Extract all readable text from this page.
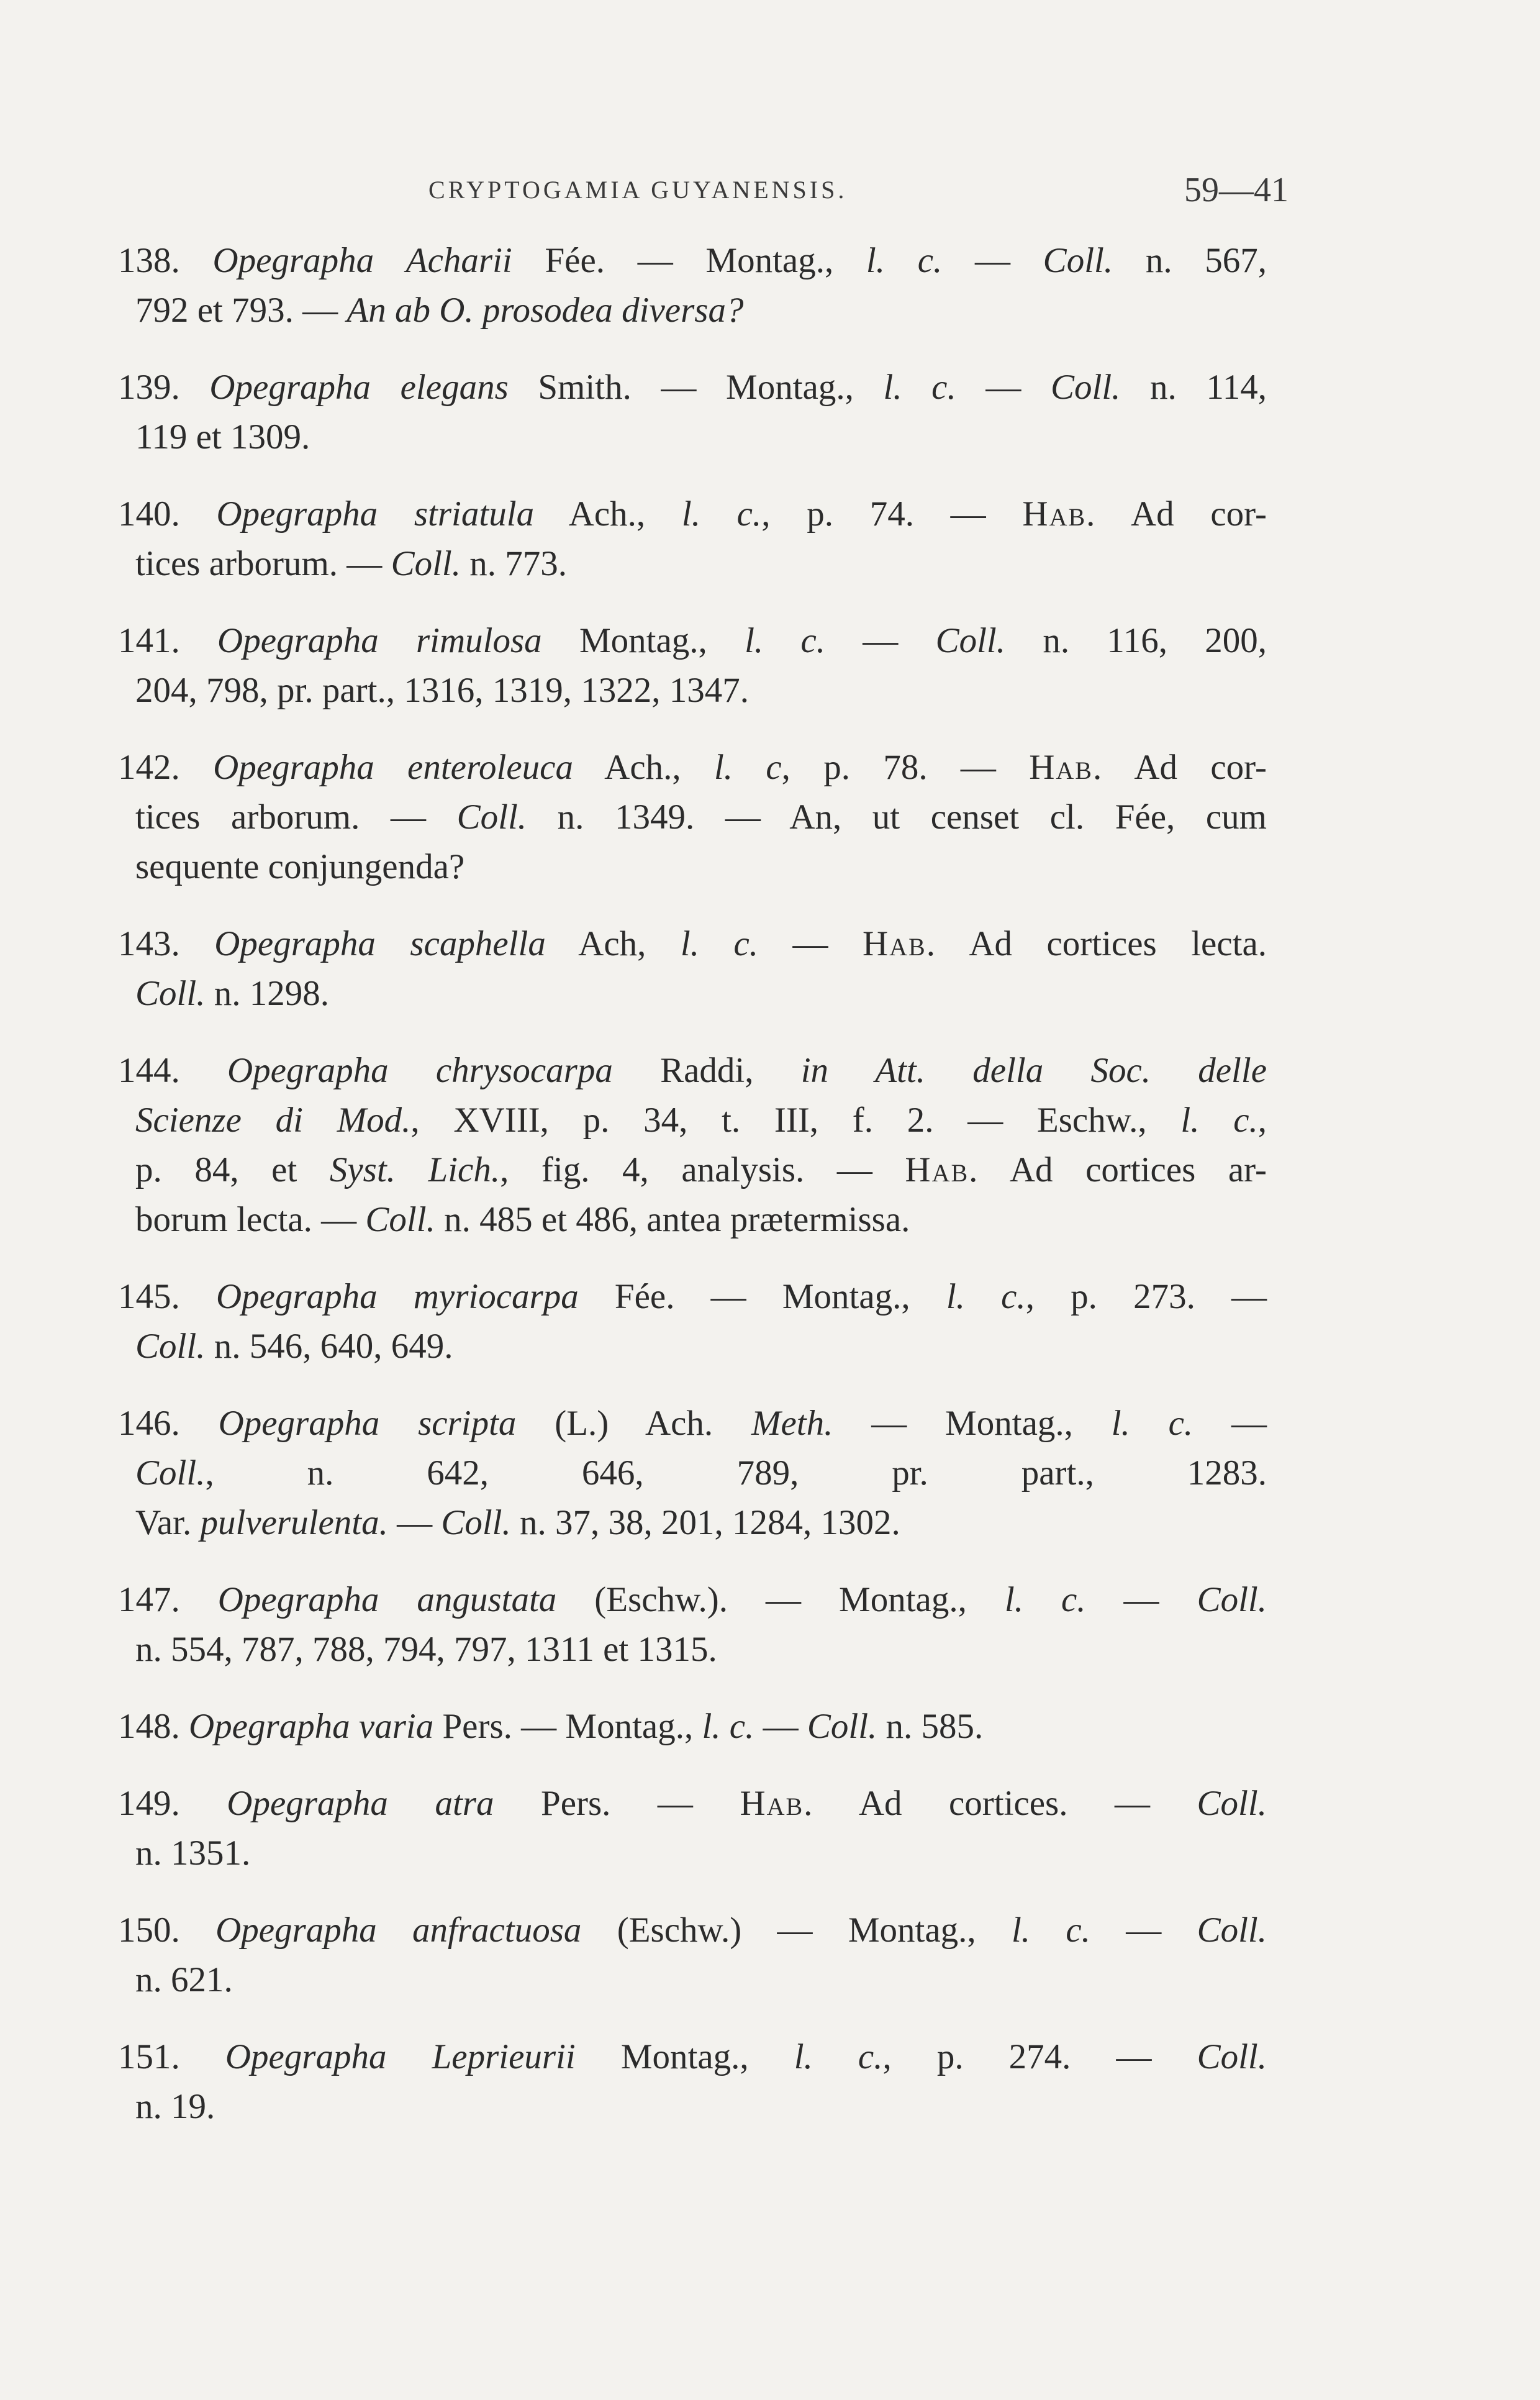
CRYPTOGAMIA GUYANENSIS.	59—41
138. Opegrapha Acharii Fée. — Montag., l. c. — Coll. n. 567,
792 et 793. — An ab O. prosodea diversa?
139. Opegrapha elegans Smith. — Montag., l. c. — Coll. n. 114,
119 et 1309.
140. Opegrapha striatula Ach., l. c., p. 74. — Hab. Ad cor-
tices arborum. — Coll. n. 773.
141. Opegrapha rimulosa Montag., l. c. — Coll. n. 116, 200,
204, 798, pr. part., 1316, 1319, 1322, 1347.
142. Opegrapha enteroleuca Ach., l. c, p. 78. — Hab. Ad cor-
tices arborum. — Coll. n. 1349. — An, ut censet cl. Fée, cum
sequente conjungenda?
143. Opegrapha scaphella Ach, l. c. — Hab. Ad cortices lecta.
Coll. n. 1298.
144. Opegrapha chrysocarpa Raddi, in Att. della Soc. delle
Scienze di Mod., XVIII, p. 34, t. III, f. 2. — Eschw., l. c.,
p. 84, et Syst. Lich., fig. 4, analysis. — Hab. Ad cortices ar-
borum lecta. — Coll. n. 485 et 486, antea prætermissa.
145. Opegrapha myriocarpa Fée. — Montag., l. c., p. 273. —
Coll. n. 546, 640, 649.
146. Opegrapha scripta (L.) Ach. Meth. — Montag., l. c. —
Coll., n. 642, 646, 789, pr. part., 1283.
Var. pulverulenta. — Coll. n. 37, 38, 201, 1284, 1302.
147. Opegrapha angustata (Eschw.). — Montag., l. c. — Coll.
n. 554, 787, 788, 794, 797, 1311 et 1315.
148. Opegrapha varia Pers. — Montag., l. c. — Coll. n. 585.
149. Opegrapha atra Pers. — Hab. Ad cortices. — Coll.
n. 1351.
150. Opegrapha anfractuosa (Eschw.) — Montag., l. c. — Coll.
n. 621.
151. Opegrapha Leprieurii Montag., l. c., p. 274. — Coll.
n. 19.
